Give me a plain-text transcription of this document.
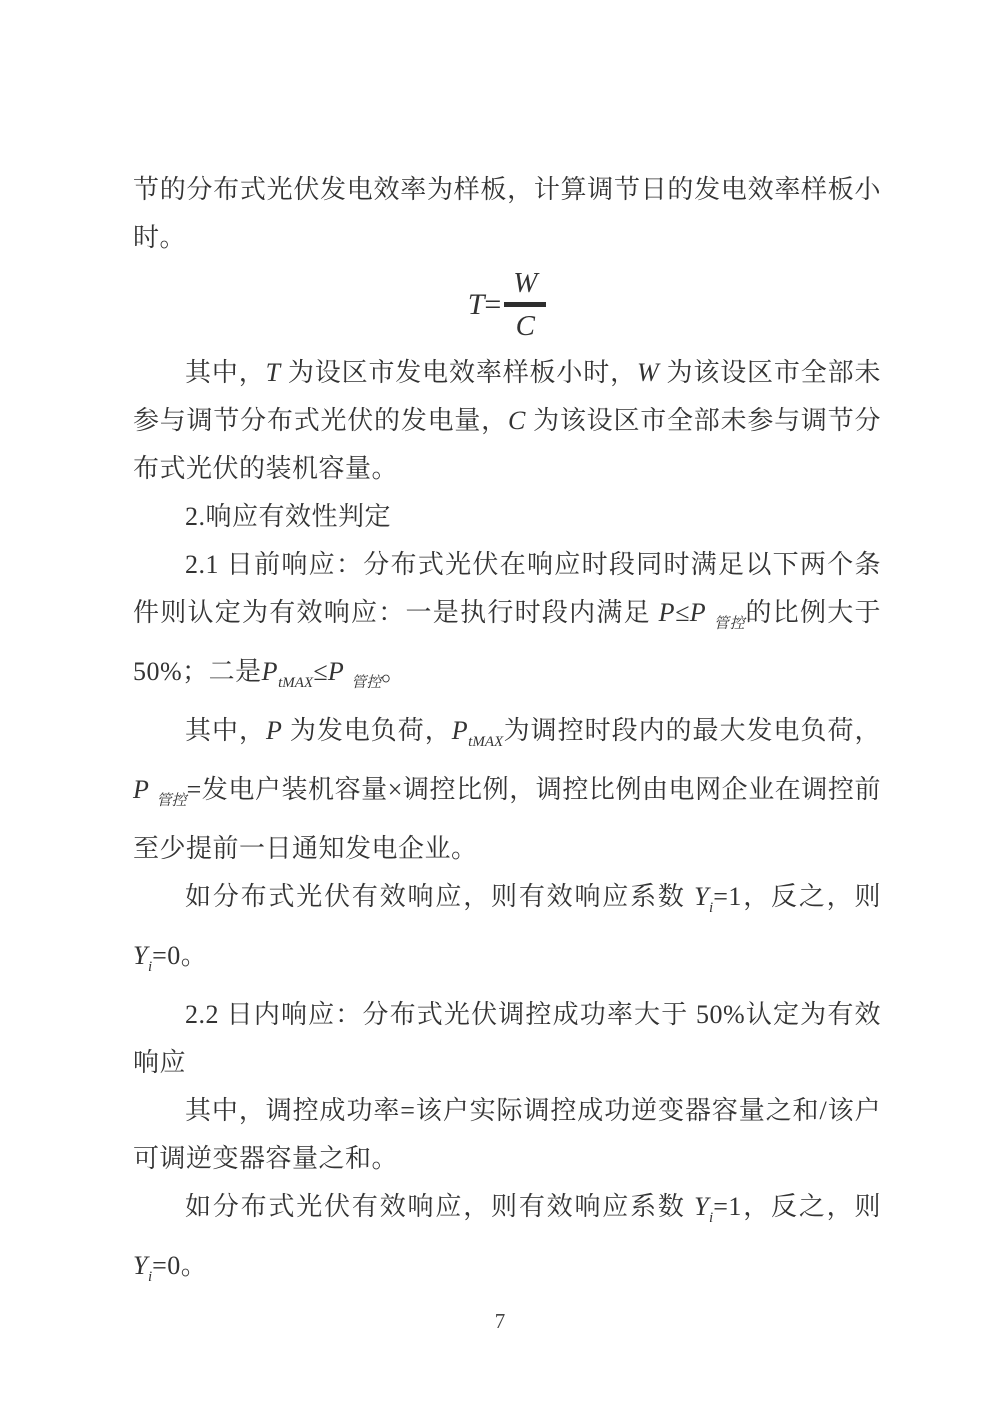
节的分布式光伏发电效率为样板，计算调节日的发电效率样板小时。

T =
W
C

其中，T 为设区市发电效率样板小时，W 为该设区市全部未参与调节分布式光伏的发电量，C 为该设区市全部未参与调节分布式光伏的装机容量。

2.响应有效性判定

2.1 日前响应：分布式光伏在响应时段同时满足以下两个条件则认定为有效响应：一是执行时段内满足 P≤P $_{管控}$的比例大于 50%；二是$P_{tMAX}\le P$ $_{管控}$。

其中，P 为发电负荷，$P_{tMAX}$为调控时段内的最大发电负荷，P $_{管控}$=发电户装机容量×调控比例，调控比例由电网企业在调控前至少提前一日通知发电企业。

如分布式光伏有效响应，则有效响应系数 $Y_i=1$，反之，则 $Y_i=0$。

2.2 日内响应：分布式光伏调控成功率大于 50%认定为有效响应

其中，调控成功率=该户实际调控成功逆变器容量之和/该户可调逆变器容量之和。

如分布式光伏有效响应，则有效响应系数 $Y_i=1$，反之，则 $Y_i=0$。

7
